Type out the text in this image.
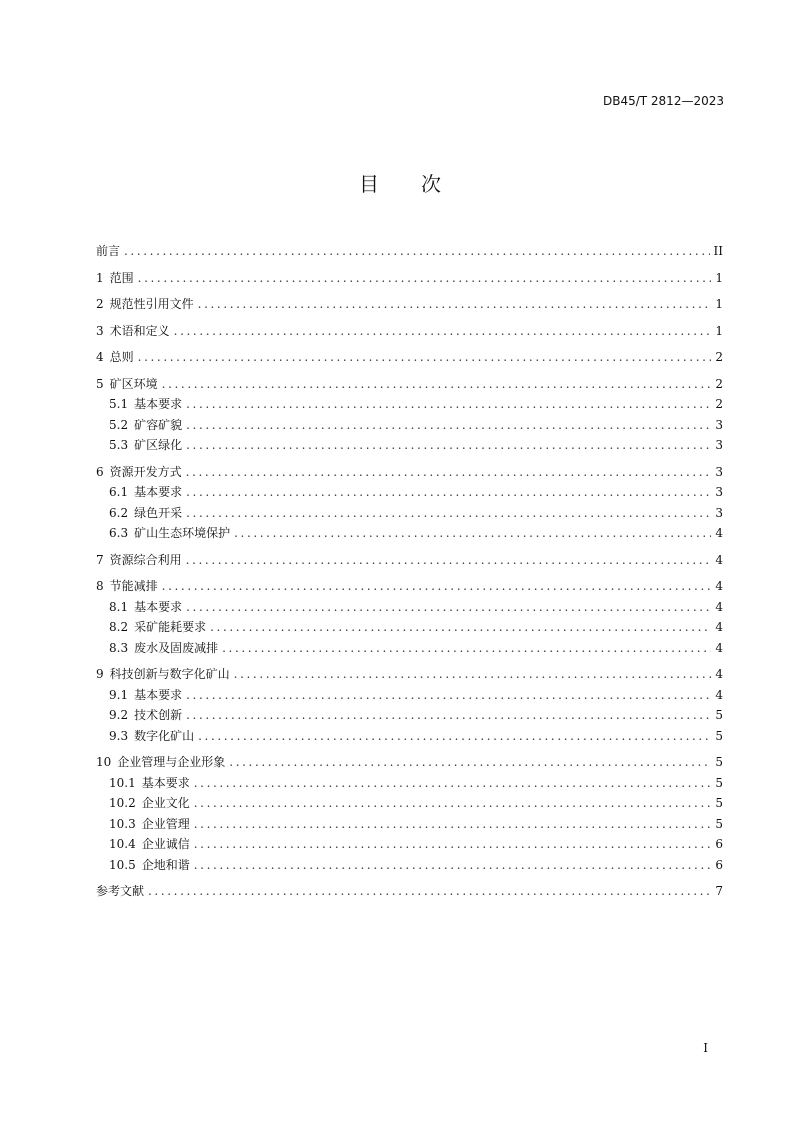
DB45/T 2812—2023
目次
前言 .....	II
1 范围 .....	1
2 规范性引用文件 .....	1
3 术语和定义 .....	1
4 总则 .....	2
5 矿区环境 .....	2
5.1 基本要求 .....	2
5.2 矿容矿貌 .....	3
5.3 矿区绿化 .....	3
6 资源开发方式 .....	3
6.1 基本要求 .....	3
6.2 绿色开采 .....	3
6.3 矿山生态环境保护 .....	4
7 资源综合利用 .....	4
8 节能减排 .....	4
8.1 基本要求 .....	4
8.2 采矿能耗要求 .....	4
8.3 废水及固废减排 .....	4
9 科技创新与数字化矿山 .....	4
9.1 基本要求 .....	4
9.2 技术创新 .....	5
9.3 数字化矿山 .....	5
10 企业管理与企业形象 .....	5
10.1 基本要求 .....	5
10.2 企业文化 .....	5
10.3 企业管理 .....	5
10.4 企业诚信 .....	6
10.5 企地和谐 .....	6
参考文献 .....	7
I
